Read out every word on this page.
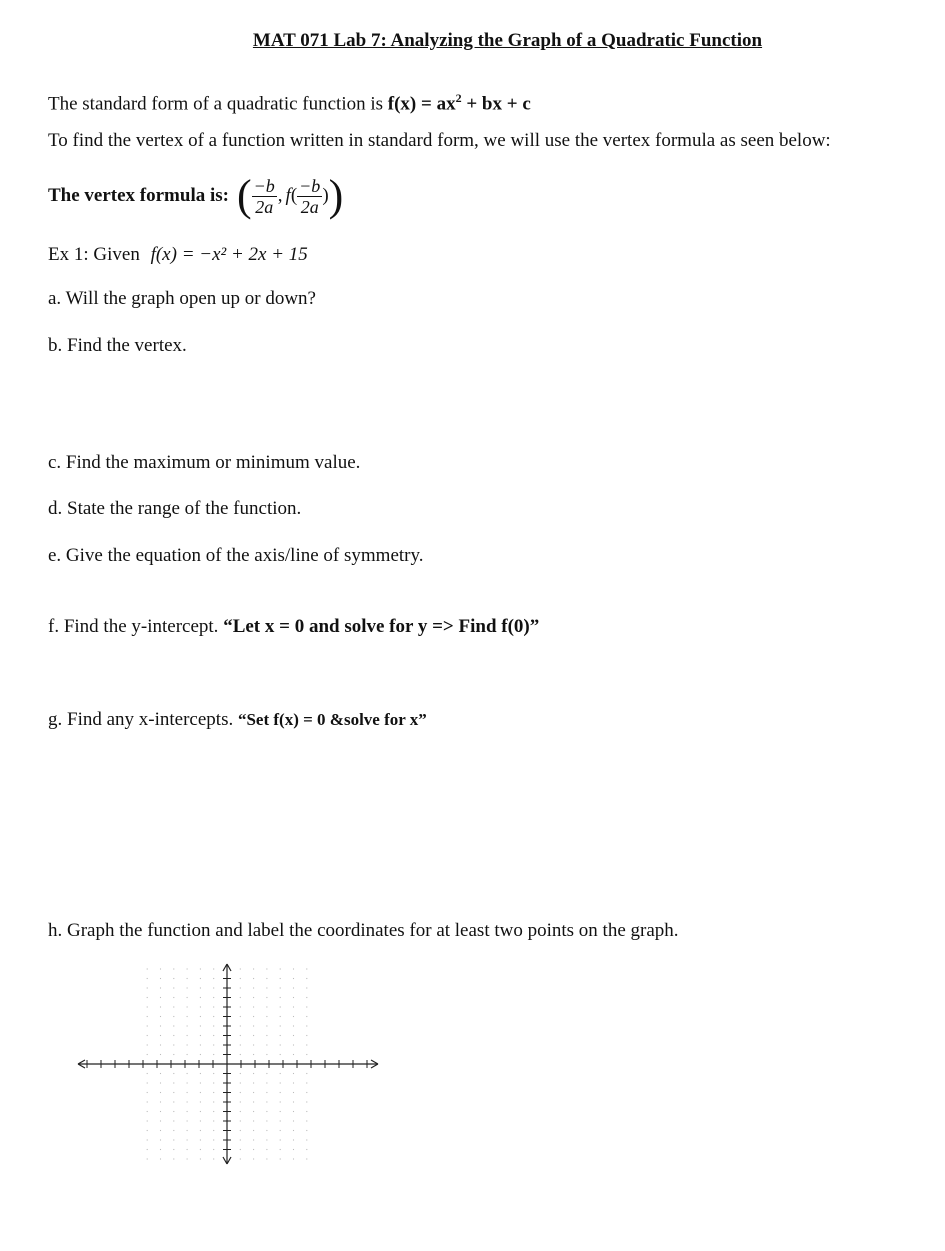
MAT 071 Lab 7: Analyzing the Graph of a Quadratic Function
The standard form of a quadratic function is $f(x) = ax^2$ + bx + c
To find the vertex of a function written in standard form, we will use the vertex formula as seen below:
The vertex formula is: ( $\frac{-b}{2a}$ , f ( $\frac{-b}{2a}$ ) )
Ex 1: Given f(x) = −x² + 2x + 15
a. Will the graph open up or down?
b. Find the vertex.
c. Find the maximum or minimum value.
d. State the range of the function.
e. Give the equation of the axis/line of symmetry.
f. Find the y-intercept. “Let x = 0 and solve for y => Find f(0)”
g. Find any x-intercepts. “Set f(x) = 0 &solve for x”
h. Graph the function and label the coordinates for at least two points on the graph.
